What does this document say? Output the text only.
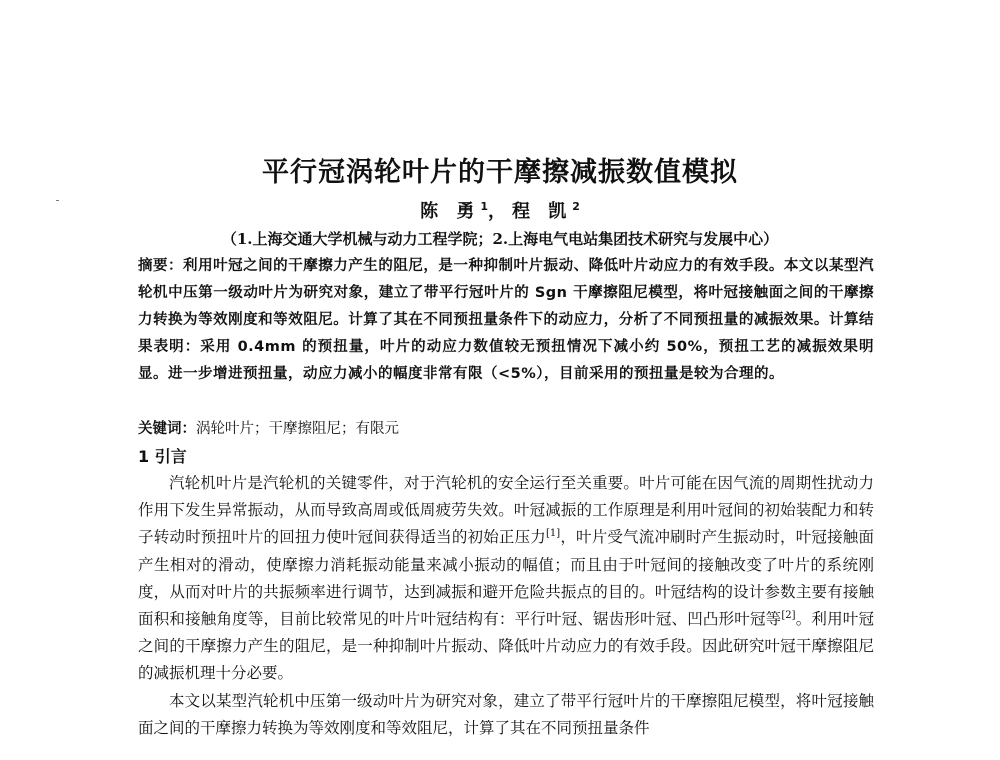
平行冠涡轮叶片的干摩擦减振数值模拟
陈 勇$^1$，程 凯$^2$
（1.上海交通大学机械与动力工程学院；2.上海电气电站集团技术研究与发展中心）
摘要：利用叶冠之间的干摩擦力产生的阻尼，是一种抑制叶片振动、降低叶片动应力的有效手段。本文以某型汽轮机中压第一级动叶片为研究对象，建立了带平行冠叶片的 Sgn 干摩擦阻尼模型，将叶冠接触面之间的干摩擦力转换为等效刚度和等效阻尼。计算了其在不同预扭量条件下的动应力，分析了不同预扭量的减振效果。计算结果表明：采用 0.4mm 的预扭量，叶片的动应力数值较无预扭情况下减小约 50%，预扭工艺的减振效果明显。进一步增进预扭量，动应力减小的幅度非常有限（<5%），目前采用的预扭量是较为合理的。
关键词：涡轮叶片；干摩擦阻尼；有限元
1 引言

汽轮机叶片是汽轮机的关键零件，对于汽轮机的安全运行至关重要。叶片可能在因气流的周期性扰动力作用下发生异常振动，从而导致高周或低周疲劳失效。叶冠减振的工作原理是利用叶冠间的初始装配力和转子转动时预扭叶片的回扭力使叶冠间获得适当的初始正压力[1]，叶片受气流冲刷时产生振动时，叶冠接触面产生相对的滑动，使摩擦力消耗振动能量来减小振动的幅值；而且由于叶冠间的接触改变了叶片的系统刚度，从而对叶片的共振频率进行调节，达到减振和避开危险共振点的目的。叶冠结构的设计参数主要有接触面积和接触角度等，目前比较常见的叶片叶冠结构有：平行叶冠、锯齿形叶冠、凹凸形叶冠等[2]。利用叶冠之间的干摩擦力产生的阻尼，是一种抑制叶片振动、降低叶片动应力的有效手段。因此研究叶冠干摩擦阻尼的减振机理十分必要。

本文以某型汽轮机中压第一级动叶片为研究对象，建立了带平行冠叶片的干摩擦阻尼模型，将叶冠接触面之间的干摩擦力转换为等效刚度和等效阻尼，计算了其在不同预扭量条件
